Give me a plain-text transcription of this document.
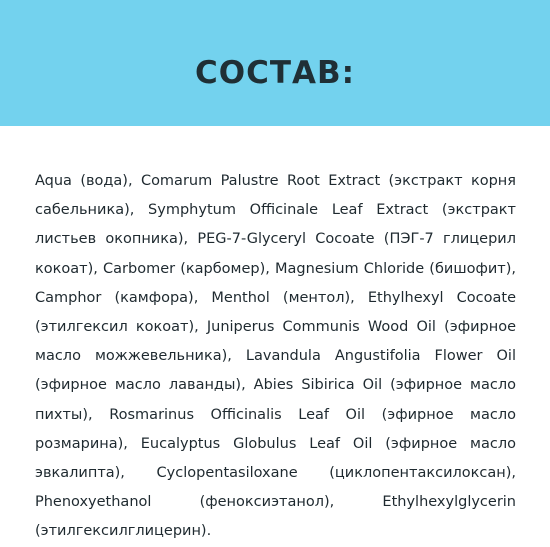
СОСТАВ:
Aqua (вода), Comarum Palustre Root Extract (экстракт корня
сабельника), Symphytum Officinale Leaf Extract (экстракт
листьев окопника), PEG-7-Glyceryl Cocoate (ПЭГ-7 глицерил
кокоат), Carbomer (карбомер), Magnesium Chloride (бишофит),
Camphor (камфора), Menthol (ментол), Ethylhexyl Cocoate
(этилгексил кокоат), Juniperus Communis Wood Oil (эфирное
масло можжевельника), Lavandula Angustifolia Flower Oil
(эфирное масло лаванды), Abies Sibirica Oil (эфирное масло
пихты), Rosmarinus Officinalis Leaf Oil (эфирное масло
розмарина), Eucalyptus Globulus Leaf Oil (эфирное масло
эвкалипта), Cyclopentasiloxane (циклопентаксилоксан),
Phenoxyethanol (феноксиэтанол), Ethylhexylglycerin
(этилгексилглицерин).
